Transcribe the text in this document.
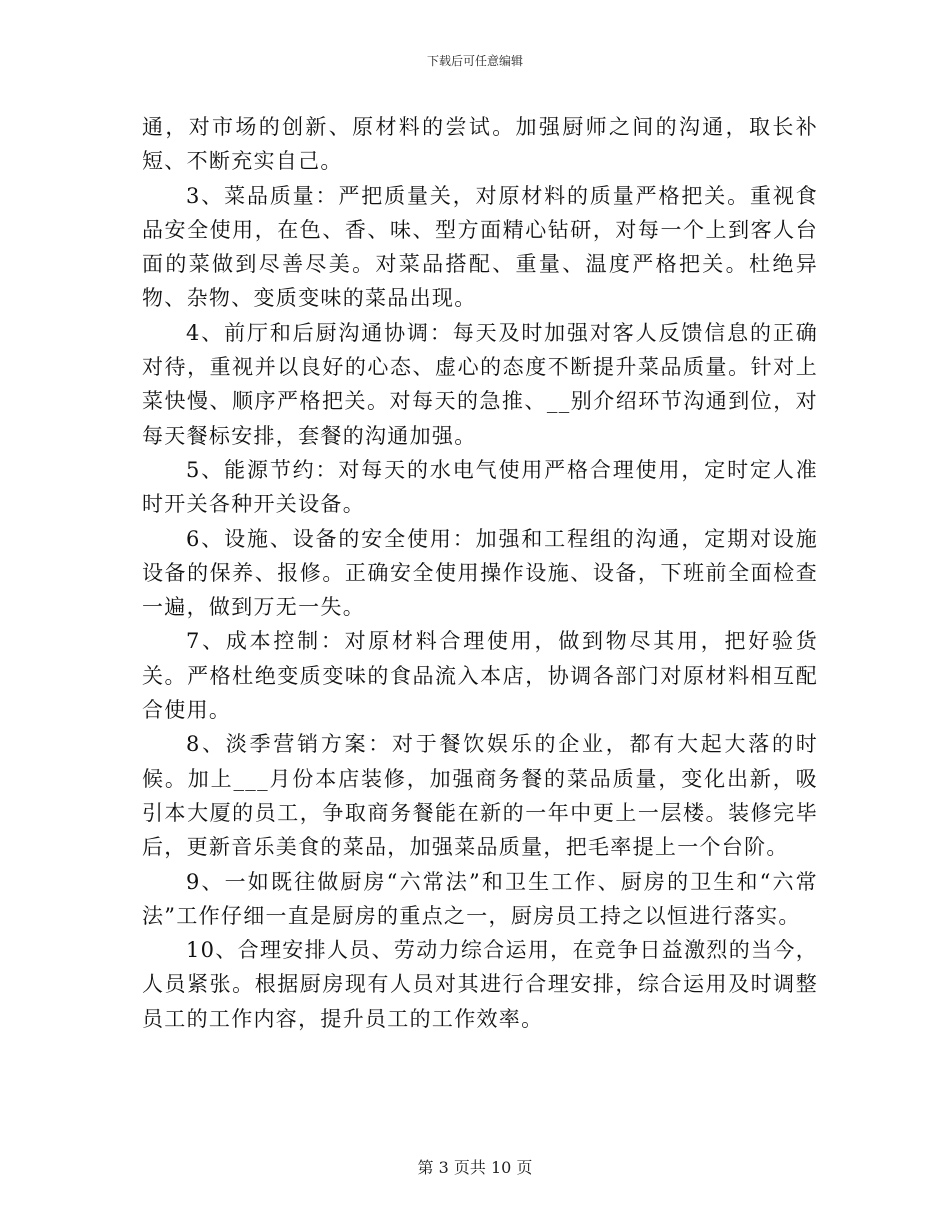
下载后可任意编辑

通，对市场的创新、原材料的尝试。加强厨师之间的沟通，取长补短、不断充实自己。

3、菜品质量：严把质量关，对原材料的质量严格把关。重视食品安全使用，在色、香、味、型方面精心钻研，对每一个上到客人台面的菜做到尽善尽美。对菜品搭配、重量、温度严格把关。杜绝异物、杂物、变质变味的菜品出现。

4、前厅和后厨沟通协调：每天及时加强对客人反馈信息的正确对待，重视并以良好的心态、虚心的态度不断提升菜品质量。针对上菜快慢、顺序严格把关。对每天的急推、__别介绍环节沟通到位，对每天餐标安排，套餐的沟通加强。

5、能源节约：对每天的水电气使用严格合理使用，定时定人准时开关各种开关设备。

6、设施、设备的安全使用：加强和工程组的沟通，定期对设施设备的保养、报修。正确安全使用操作设施、设备，下班前全面检查一遍，做到万无一失。

7、成本控制：对原材料合理使用，做到物尽其用，把好验货关。严格杜绝变质变味的食品流入本店，协调各部门对原材料相互配合使用。

8、淡季营销方案：对于餐饮娱乐的企业，都有大起大落的时候。加上___月份本店装修，加强商务餐的菜品质量，变化出新，吸引本大厦的员工，争取商务餐能在新的一年中更上一层楼。装修完毕后，更新音乐美食的菜品，加强菜品质量，把毛率提上一个台阶。

9、一如既往做厨房“六常法”和卫生工作、厨房的卫生和“六常法”工作仔细一直是厨房的重点之一，厨房员工持之以恒进行落实。

10、合理安排人员、劳动力综合运用，在竞争日益激烈的当今，人员紧张。根据厨房现有人员对其进行合理安排，综合运用及时调整员工的工作内容，提升员工的工作效率。

第 3 页共 10 页
